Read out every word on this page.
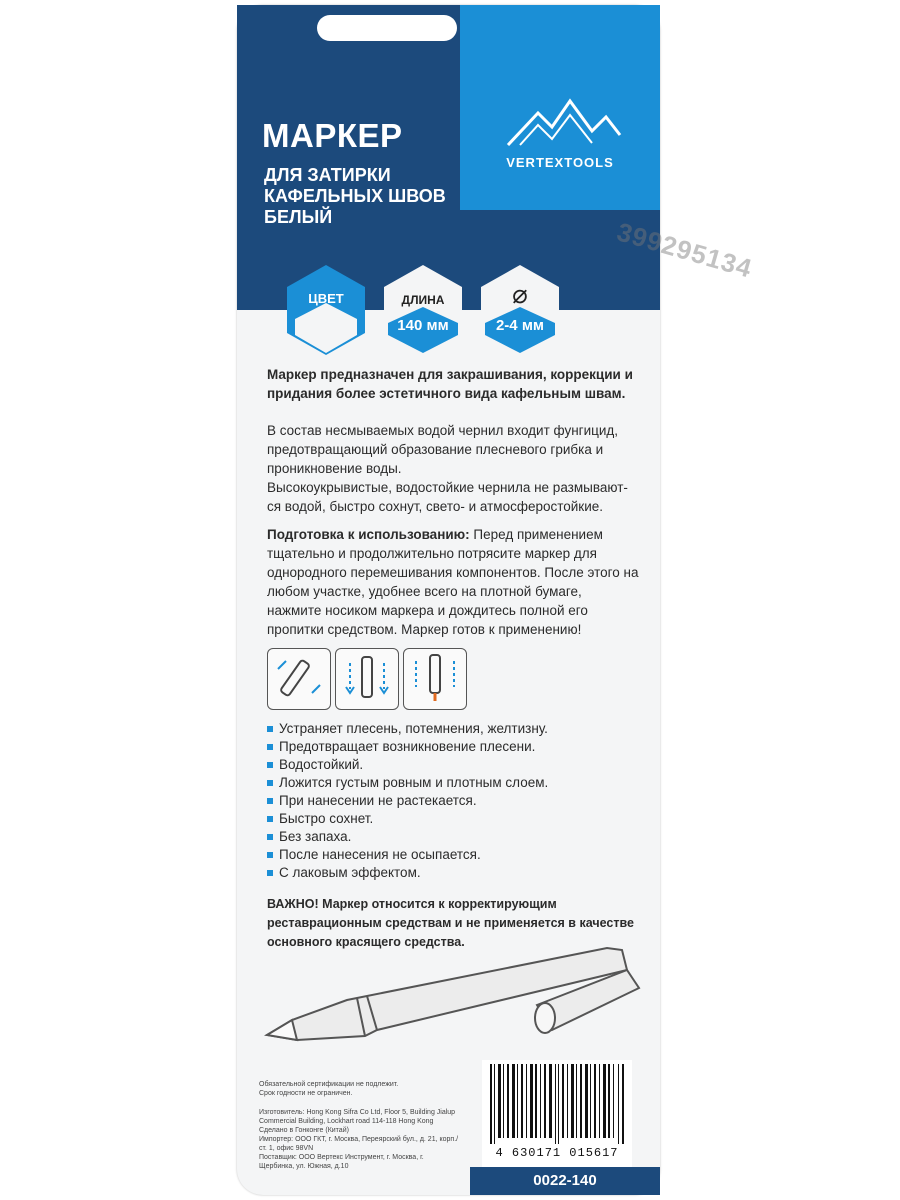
VERTEXTOOLS
МАРКЕР
ДЛЯ ЗАТИРКИ
КАФЕЛЬНЫХ ШВОВ
БЕЛЫЙ	399295134
ЦВЕТ	ДЛИНА
140 мм
⌀
2-4 мм
Маркер предназначен для закрашивания, коррекции и придания более эстетичного вида кафельным швам.
В состав несмываемых водой чернил входит фунгицид, предотвращающий образование плесневого грибка и проникновение воды.
Высокоукрывистые, водостойкие чернила не размывают-ся водой, быстро сохнут, свето- и атмосферостойкие.
Подготовка к использованию: Перед применением тщательно и продолжительно потрясите маркер для однородного перемешивания компонентов. После этого на любом участке, удобнее всего на плотной бумаге, нажмите носиком маркера и дождитесь полной его пропитки средством. Маркер готов к применению!
Устраняет плесень, потемнения, желтизну.
Предотвращает возникновение плесени.
Водостойкий.
Ложится густым ровным и плотным слоем.
При нанесении не растекается.
Быстро сохнет.
Без запаха.
После нанесения не осыпается.
С лаковым эффектом.
ВАЖНО! Маркер относится к корректирующим реставрационным средствам и не применяется в качестве основного красящего средства.
Обязательной сертификации не подлежит.
Срок годности не ограничен.
Изготовитель: Hong Kong Sifra Co Ltd, Floor 5, Building Jialup Commercial Building, Lockhart road 114-118 Hong Kong
Сделано в Гонконге (Китай)
Импортер: ООО ГКТ, г. Москва, Переярский бул., д. 21, корп./ст. 1, офис 98VN
Поставщик: ООО Вертекс Инструмент, г. Москва, г. Щербинка, ул. Южная, д.10
4 630171 015617
0022-140
